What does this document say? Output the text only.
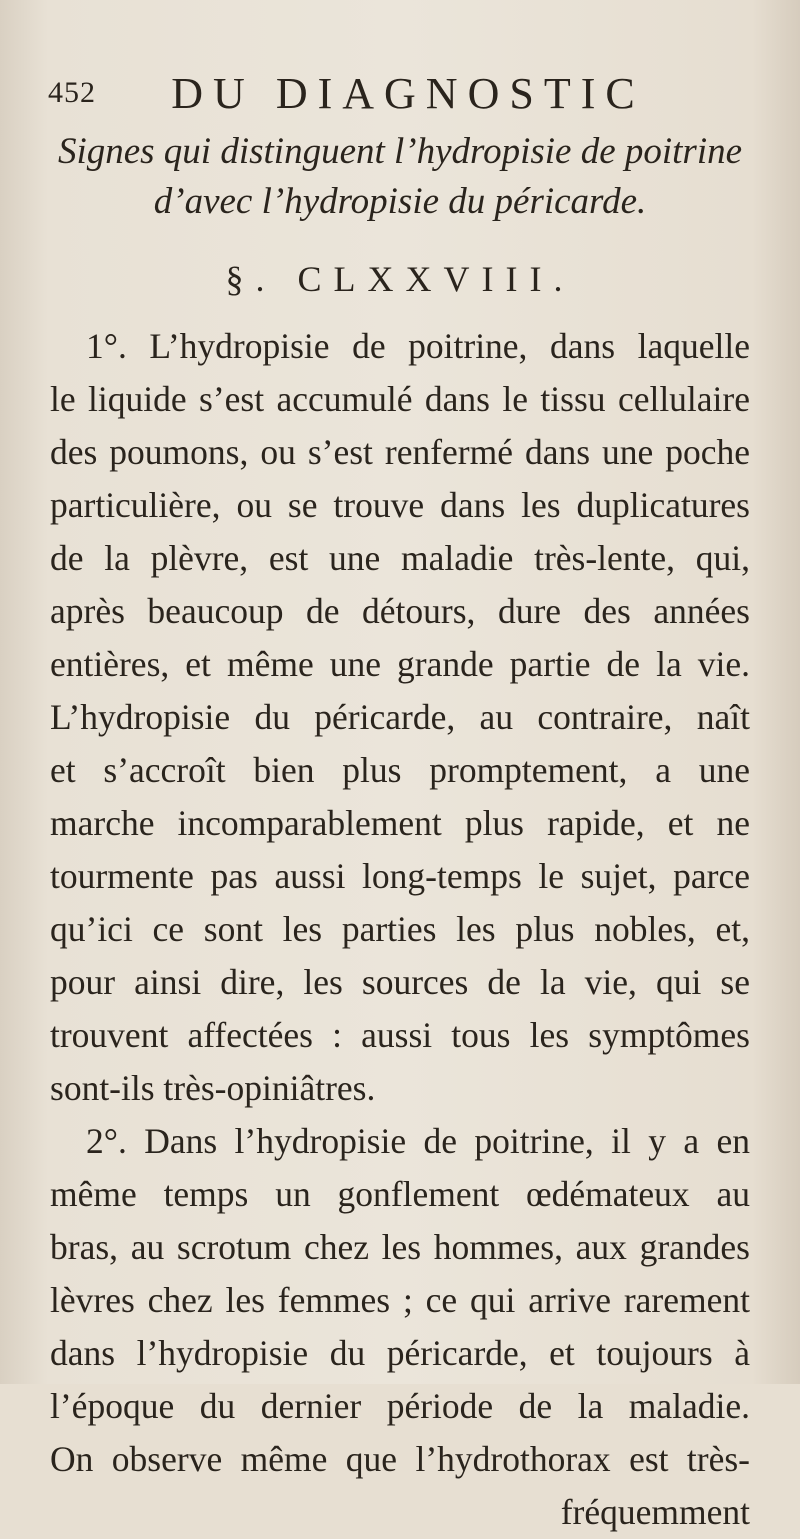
452	DU DIAGNOSTIC
Signes qui distinguent l’hydropisie de poitrine
d’avec l’hydropisie du péricarde.
§. CLXXVIII.
1°. L’hydropisie de poitrine, dans laquelle
le liquide s’est accumulé dans le tissu cellulaire
des poumons, ou s’est renfermé dans une poche
particulière, ou se trouve dans les duplicatures
de la plèvre, est une maladie très-lente, qui,
après beaucoup de détours, dure des années
entières, et même une grande partie de la vie.
L’hydropisie du péricarde, au contraire, naît
et s’accroît bien plus promptement, a une
marche incomparablement plus rapide, et ne
tourmente pas aussi long-temps le sujet, parce
qu’ici ce sont les parties les plus nobles, et,
pour ainsi dire, les sources de la vie, qui se
trouvent affectées : aussi tous les symptômes
sont-ils très-opiniâtres.
2°. Dans l’hydropisie de poitrine, il y a en
même temps un gonflement œdémateux au
bras, au scrotum chez les hommes, aux grandes
lèvres chez les femmes ; ce qui arrive rarement
dans l’hydropisie du péricarde, et toujours à
l’époque du dernier période de la maladie.
On observe même que l’hydrothorax est très-
fréquemment
